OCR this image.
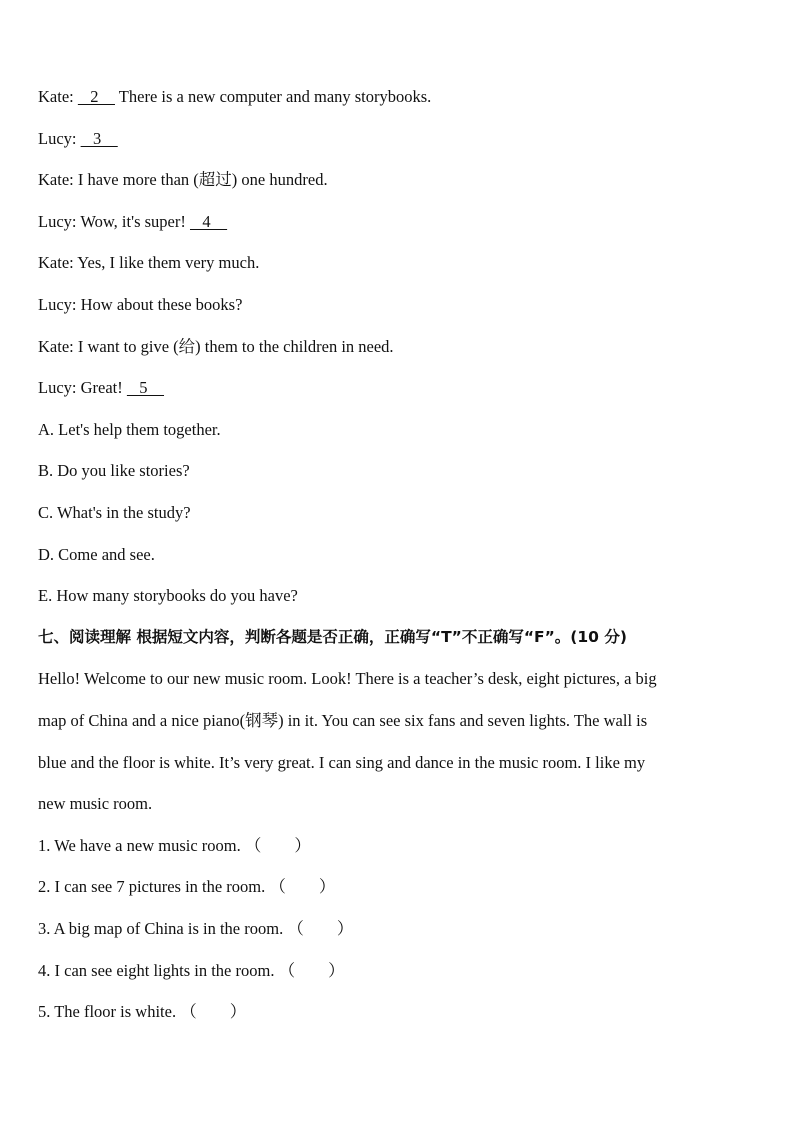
Kate:    2     There is a new computer and many storybooks.
Lucy:    3
Kate: I have more than (超过) one hundred.
Lucy: Wow, it's super!    4
Kate: Yes, I like them very much.
Lucy: How about these books?
Kate: I want to give (给) them to the children in need.
Lucy: Great!    5
A. Let's help them together.
B. Do you like stories?
C. What's in the study?
D. Come and see.
E. How many storybooks do you have?
七、阅读理解 根据短文内容，判断各题是否正确，正确写“T”不正确写“F”。(10 分)
Hello! Welcome to our new music room. Look! There is a teacher’s desk, eight pictures, a big
map of China and a nice piano(钢琴) in it. You can see six fans and seven lights. The wall is
blue and the floor is white. It’s very great. I can sing and dance in the music room. I like my
new music room.
1. We have a new music room. （        ）
2. I can see 7 pictures in the room. （        ）
3. A big map of China is in the room. （        ）
4. I can see eight lights in the room. （        ）
5. The floor is white. （        ）
